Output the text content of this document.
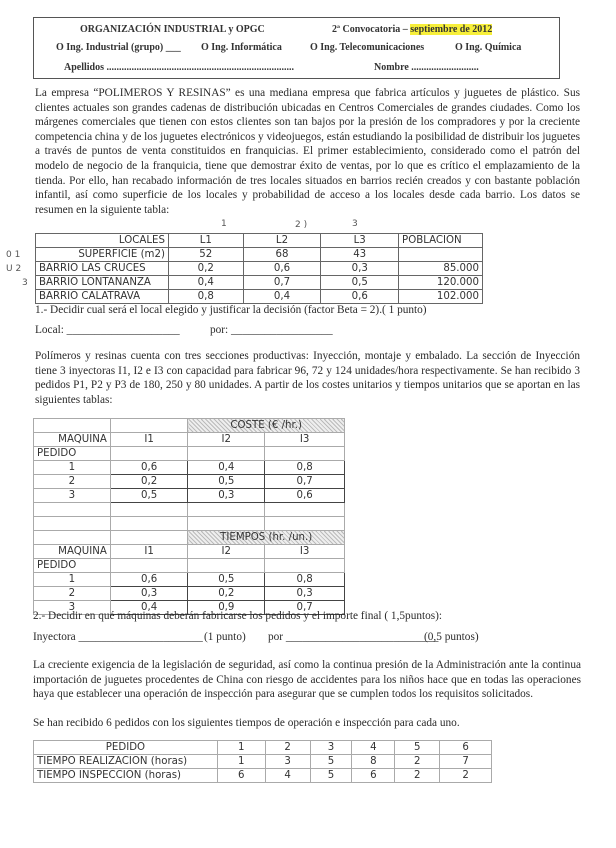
ORGANIZACIÓN INDUSTRIAL y OPGC	2ª Convocatoria – septiembre de 2012
O Ing. Industrial (grupo) ___ O Ing. Informática	O Ing. Telecomunicaciones	O Ing. Química
Apellidos ...........................................................................	Nombre ...........................

La empresa “POLIMEROS Y RESINAS” es una mediana empresa que fabrica artículos y juguetes de plástico. Sus clientes actuales son grandes cadenas de distribución ubicadas en Centros Comerciales de grandes ciudades. Como los márgenes comerciales que tienen con estos clientes son tan bajos por la presión de los compradores y por la creciente competencia china y de los juguetes electrónicos y videojuegos, están estudiando la posibilidad de distribuir los juguetes a través de puntos de venta constituidos en franquicias. El primer establecimiento, considerado como el patrón del modelo de negocio de la franquicia, tiene que demostrar éxito de ventas, por lo que es crítico el emplazamiento de la tienda. Por ello, han recabado información de tres locales situados en barrios recién creados y con bastante población infantil, así como superficie de los locales y probabilidad de acceso a los locales desde cada barrio. Los datos se resumen en la siguiente tabla:

1	2 )	3
0 1
U 2
3
LOCALES	L1	L2	L3	POBLACION
SUPERFICIE (m2)	52	68	43	
BARRIO LAS CRUCES	0,2	0,6	0,3	85.000
BARRIO LONTANANZA	0,4	0,7	0,5	120.000
BARRIO CALATRAVA	0,8	0,4	0,6	102.000
1.- Decidir cual será el local elegido y justificar la decisión (factor Beta = 2).( 1 punto)
Local: ____________________	por: __________________

Polímeros y resinas cuenta con tres secciones productivas: Inyección, montaje y embalado. La sección de Inyección tiene 3 inyectoras I1, I2 e I3 con capacidad para fabricar 96, 72 y 124 unidades/hora respectivamente. Se han recibido 3 pedidos P1, P2 y P3 de 180, 250 y 80 unidades. A partir de los costes unitarios y tiempos unitarios que se aportan en las siguientes tablas:

		COSTE (€ /hr.)	
MAQUINA	I1	I2	I3
PEDIDO			
1	0,6	0,4	0,8
2	0,2	0,5	0,7
3	0,5	0,3	0,6

		TIEMPOS (hr. /un.)	
MAQUINA	I1	I2	I3
PEDIDO			
1	0,6	0,5	0,8
2	0,3	0,2	0,3
3	0,4	0,9	0,7
2.- Decidir en qué máquinas deberán fabricarse los pedidos y el importe final ( 1,5puntos):
Inyectora ______________________ (1 punto) por ___________________________
(0,5 puntos)

La creciente exigencia de la legislación de seguridad, así como la continua presión de la Administración ante la continua importación de juguetes procedentes de China con riesgo de accidentes para los niños hace que en todas las operaciones haya que establecer una operación de inspección para asegurar que se cumplen todos los requisitos solicitados.

Se han recibido 6 pedidos con los siguientes tiempos de operación e inspección para cada uno.

PEDIDO	1	2	3	4	5	6
TIEMPO REALIZACION (horas)	1	3	5	8	2	7
TIEMPO INSPECCION (horas)	6	4	5	6	2	2
